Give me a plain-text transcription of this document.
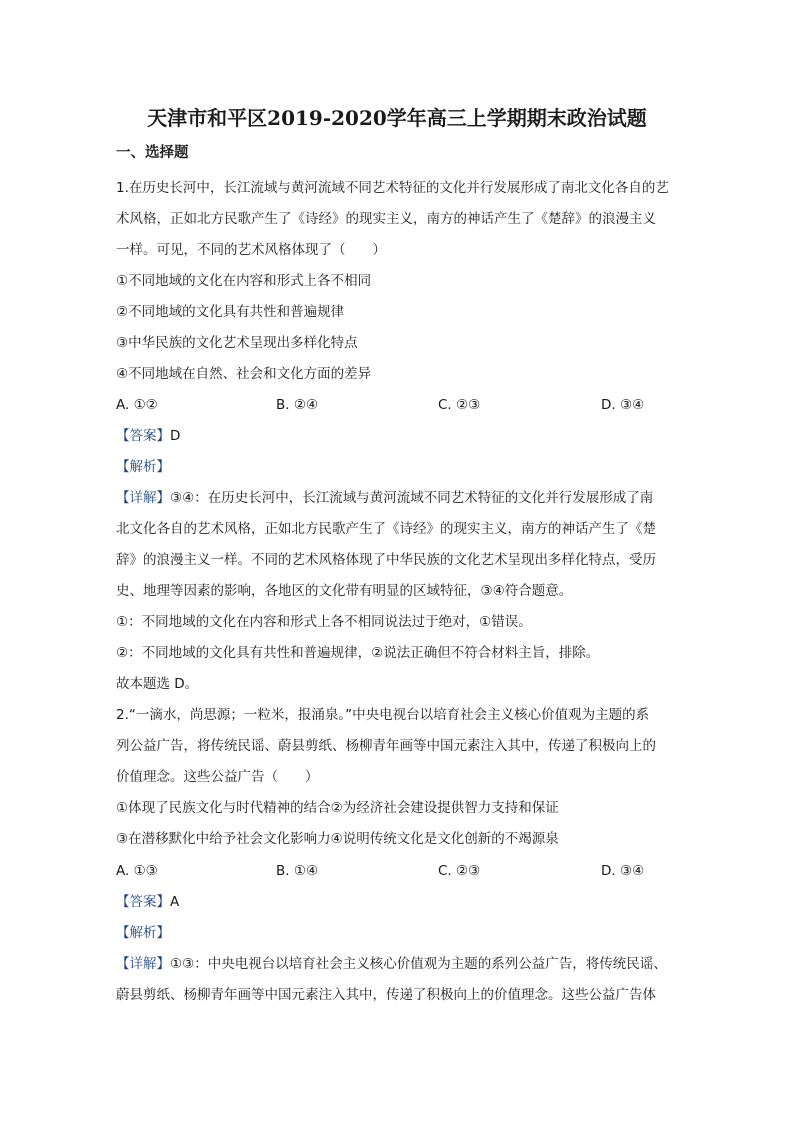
天津市和平区2019-2020学年高三上学期期末政治试题
一、选择题
1.在历史长河中，长江流域与黄河流域不同艺术特征的文化并行发展形成了南北文化各自的艺
术风格，正如北方民歌产生了《诗经》的现实主义，南方的神话产生了《楚辞》的浪漫主义
一样。可见，不同的艺术风格体现了（　　）
①不同地域的文化在内容和形式上各不相同
②不同地域的文化具有共性和普遍规律
③中华民族的文化艺术呈现出多样化特点
④不同地域在自然、社会和文化方面的差异
A. ①②	B. ②④	C. ②③	D. ③④
【答案】D
【解析】
【详解】③④：在历史长河中，长江流域与黄河流域不同艺术特征的文化并行发展形成了南
北文化各自的艺术风格，正如北方民歌产生了《诗经》的现实主义，南方的神话产生了《楚
辞》的浪漫主义一样。不同的艺术风格体现了中华民族的文化艺术呈现出多样化特点，受历
史、地理等因素的影响，各地区的文化带有明显的区域特征，③④符合题意。
①：不同地域的文化在内容和形式上各不相同说法过于绝对，①错误。
②：不同地域的文化具有共性和普遍规律，②说法正确但不符合材料主旨，排除。
故本题选 D。
2.“一滴水，尚思源；一粒米，报涌泉。”中央电视台以培育社会主义核心价值观为主题的系
列公益广告，将传统民谣、蔚县剪纸、杨柳青年画等中国元素注入其中，传递了积极向上的
价值理念。这些公益广告（　　）
①体现了民族文化与时代精神的结合②为经济社会建设提供智力支持和保证
③在潜移默化中给予社会文化影响力④说明传统文化是文化创新的不竭源泉
A. ①③	B. ①④	C. ②③	D. ③④
【答案】A
【解析】
【详解】①③：中央电视台以培育社会主义核心价值观为主题的系列公益广告，将传统民谣、
蔚县剪纸、杨柳青年画等中国元素注入其中，传递了积极向上的价值理念。这些公益广告体
